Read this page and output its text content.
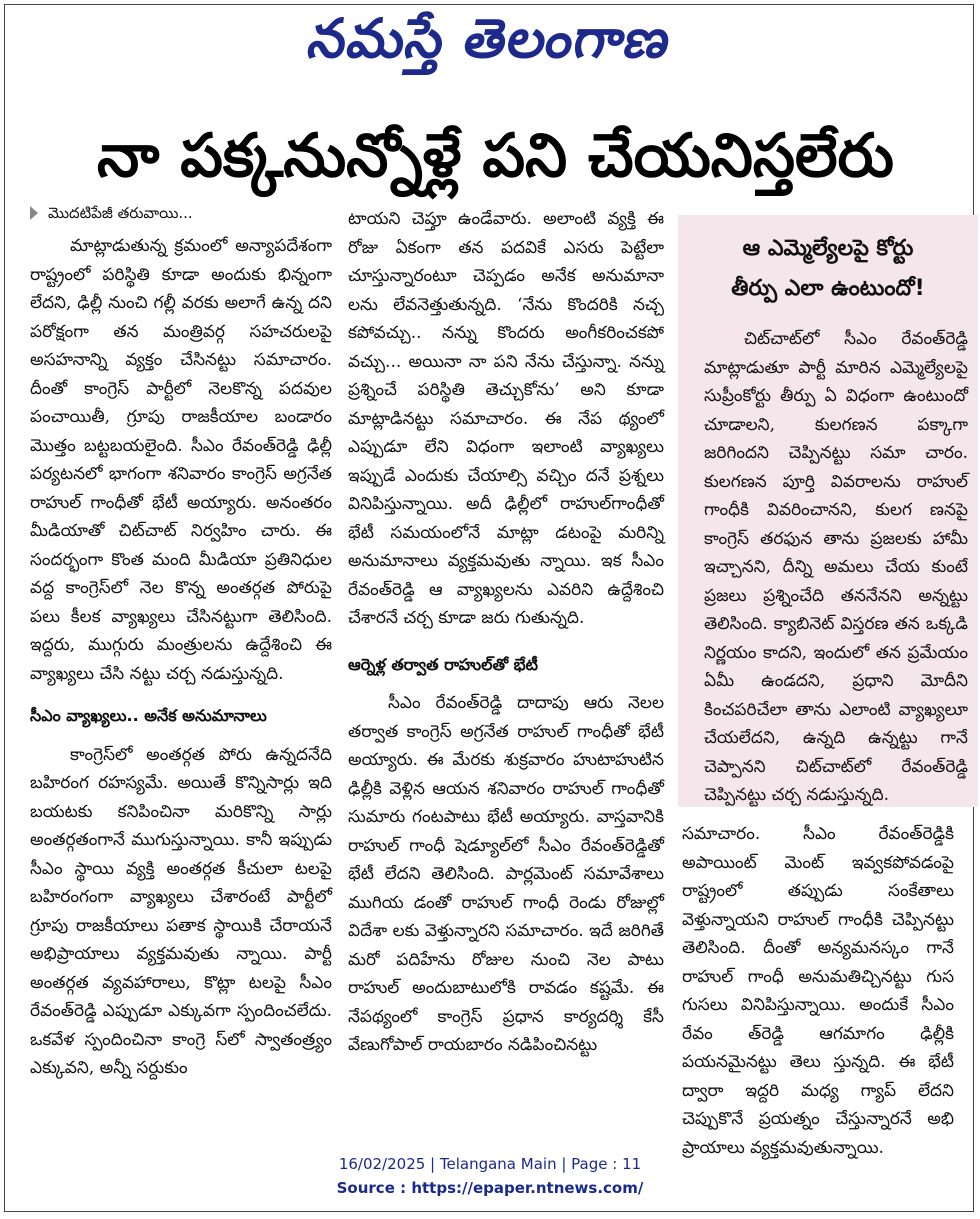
నమస్తే తెలంగాణ
నా పక్కనున్నోళ్లే పని చేయనిస్తలేరు
మొదటిపేజీ తరువాయి...

మాట్లాడుతున్న క్రమంలో అన్యాపదేశంగా రాష్ట్రంలో పరిస్థితి కూడా అందుకు భిన్నంగా లేదని, ఢిల్లీ నుంచి గల్లీ వరకు అలాగే ఉన్న దని పరోక్షంగా తన మంత్రివర్గ సహచరులపై అసహనాన్ని వ్యక్తం చేసినట్టు సమాచారం. దీంతో కాంగ్రెస్ పార్టీలో నెలకొన్న పదవుల పంచాయితీ, గ్రూపు రాజకీయాల బండారం మొత్తం బట్టబయలైంది. సీఎం రేవంత్‌రెడ్డి ఢిల్లీ పర్యటనలో భాగంగా శనివారం కాంగ్రెస్ అగ్రనేత రాహుల్ గాంధీతో భేటీ అయ్యారు. అనంతరం మీడియాతో చిట్‌చాట్ నిర్వహిం చారు. ఈ సందర్భంగా కొంత మంది మీడియా ప్రతినిధుల వద్ద కాంగ్రెస్‌లో నెల కొన్న అంతర్గత పోరుపై పలు కీలక వ్యాఖ్యలు చేసినట్టుగా తెలిసింది. ఇద్దరు, ముగ్గురు మంత్రులను ఉద్దేశించి ఈ వ్యాఖ్యలు చేసి నట్టు చర్చ నడుస్తున్నది.

సీఎం వ్యాఖ్యలు.. అనేక అనుమానాలు

కాంగ్రెస్‌లో అంతర్గత పోరు ఉన్నదనేది బహిరంగ రహస్యమే. అయితే కొన్నిసార్లు ఇది బయటకు కనిపించినా మరికొన్ని సార్లు అంతర్గతంగానే ముగుస్తున్నాయి. కానీ ఇప్పుడు సీఎం స్థాయి వ్యక్తి అంతర్గత కీచులా టలపై బహిరంగంగా వ్యాఖ్యలు చేశారంటే పార్టీలో గ్రూపు రాజకీయాలు పతాక స్థాయికి చేరాయనే అభిప్రాయాలు వ్యక్తమవుతు న్నాయి. పార్టీ అంతర్గత వ్యవహారాలు, కొట్లా టలపై సీఎం రేవంత్‌రెడ్డి ఎప్పుడూ ఎక్కువగా స్పందించలేదు. ఒకవేళ స్పందించినా కాంగ్రె స్‌లో స్వాతంత్ర్యం ఎక్కువని, అన్నీ సర్దుకుం

టాయని చెప్తూ ఉండేవారు. అలాంటి వ్యక్తి ఈ రోజు ఏకంగా తన పదవికే ఎసరు పెట్టేలా చూస్తున్నారంటూ చెప్పడం అనేక అనుమానా లను లేవనెత్తుతున్నది. ‘నేను కొందరికి నచ్చ కపోవచ్చు.. నన్ను కొందరు అంగీకరించకపో వచ్చు... అయినా నా పని నేను చేస్తున్నా. నన్ను ప్రశ్నించే పరిస్థితి తెచ్చుకోను’ అని కూడా మాట్లాడినట్టు సమాచారం. ఈ నేప థ్యంలో ఎప్పుడూ లేని విధంగా ఇలాంటి వ్యాఖ్యలు ఇప్పుడే ఎందుకు చేయాల్సి వచ్చిం దనే ప్రశ్నలు వినిపిస్తున్నాయి. అదీ ఢిల్లీలో రాహుల్‌గాంధీతో భేటీ సమయంలోనే మాట్లా డటంపై మరిన్ని అనుమానాలు వ్యక్తమవుతు న్నాయి. ఇక సీఎం రేవంత్‌రెడ్డి ఆ వ్యాఖ్యలను ఎవరిని ఉద్దేశించి చేశారనే చర్చ కూడా జరు గుతున్నది.

ఆర్నెళ్ల తర్వాత రాహుల్‌తో భేటీ

సీఎం రేవంత్‌రెడ్డి దాదాపు ఆరు నెలల తర్వాత కాంగ్రెస్ అగ్రనేత రాహుల్ గాంధీతో భేటీ అయ్యారు. ఈ మేరకు శుక్రవారం హుటాహుటిన ఢిల్లీకి వెళ్లిన ఆయన శనివారం రాహుల్ గాంధీతో సుమారు గంటపాటు భేటీ అయ్యారు. వాస్తవానికి రాహుల్ గాంధీ షెడ్యూల్‌లో సీఎం రేవంత్‌రెడ్డితో భేటీ లేదని తెలిసింది. పార్లమెంట్ సమావేశాలు ముగియ డంతో రాహుల్ గాంధీ రెండు రోజుల్లో విదేశా లకు వెళ్తున్నారని సమాచారం. ఇదే జరిగితే మరో పదిహేను రోజుల నుంచి నెల పాటు రాహుల్ అందుబాటులోకి రావడం కష్టమే. ఈ నేపథ్యంలో కాంగ్రెస్ ప్రధాన కార్యదర్శి కేసీ వేణుగోపాల్ రాయబారం నడిపించినట్టు

ఆ ఎమ్మెల్యేలపై కోర్టు
తీర్పు ఎలా ఉంటుందో!

చిట్‌చాట్‌లో సీఎం రేవంత్‌రెడ్డి మాట్లాడుతూ పార్టీ మారిన ఎమ్మెల్యేలపై సుప్రీంకోర్టు తీర్పు ఏ విధంగా ఉంటుందో చూడాలని, కులగణన పక్కాగా జరిగిందని చెప్పినట్టు సమా చారం. కులగణన పూర్తి వివరాలను రాహుల్ గాంధీకి వివరించానని, కులగ ణనపై కాంగ్రెస్ తరఫున తాను ప్రజలకు హామీ ఇచ్చానని, దీన్ని అమలు చేయ కుంటే ప్రజలు ప్రశ్నించేది తననేనని అన్నట్టు తెలిసింది. క్యాబినెట్ విస్తరణ తన ఒక్కడి నిర్ణయం కాదని, ఇందులో తన ప్రమేయం ఏమీ ఉండదని, ప్రధాని మోదీని కించపరిచేలా తాను ఎలాంటి వ్యాఖ్యలూ చేయలేదని, ఉన్నది ఉన్నట్టు గానే చెప్పానని చిట్‌చాట్‌లో రేవంత్‌రెడ్డి చెప్పినట్టు చర్చ నడుస్తున్నది.

సమాచారం. సీఎం రేవంత్‌రెడ్డికి అపాయింట్ మెంట్ ఇవ్వకపోవడంపై రాష్ట్రంలో తప్పుడు సంకేతాలు వెళ్తున్నాయని రాహుల్ గాంధీకి చెప్పినట్టు తెలిసింది. దీంతో అన్యమనస్కం గానే రాహుల్ గాంధీ అనుమతిచ్చినట్టు గుస గుసలు వినిపిస్తున్నాయి. అందుకే సీఎం రేవం త్‌రెడ్డి ఆగమాగం ఢిల్లీకి పయనమైనట్టు తెలు స్తున్నది. ఈ భేటీ ద్వారా ఇద్దరి మధ్య గ్యాప్ లేదని చెప్పుకొనే ప్రయత్నం చేస్తున్నారనే అభి ప్రాయాలు వ్యక్తమవుతున్నాయి.

16/02/2025 | Telangana Main | Page : 11
Source : https://epaper.ntnews.com/
